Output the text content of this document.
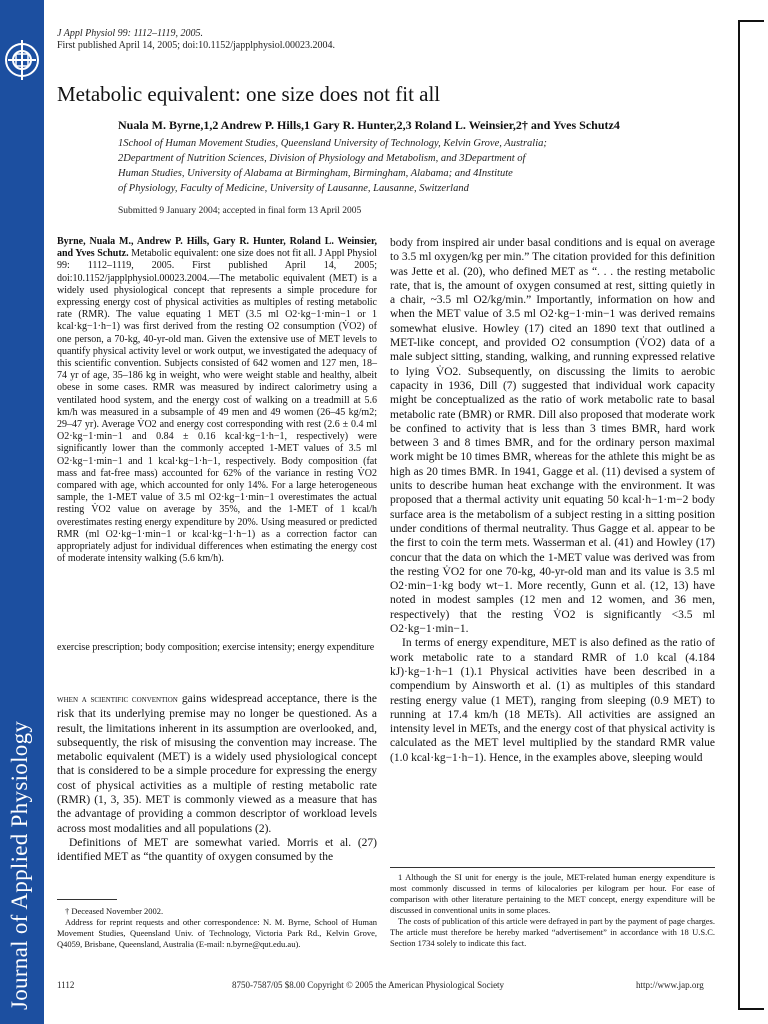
Journal of Applied Physiology
J Appl Physiol 99: 1112–1119, 2005.
First published April 14, 2005; doi:10.1152/japplphysiol.00023.2004.
Metabolic equivalent: one size does not fit all
Nuala M. Byrne,1,2 Andrew P. Hills,1 Gary R. Hunter,2,3 Roland L. Weinsier,2† and Yves Schutz4
1School of Human Movement Studies, Queensland University of Technology, Kelvin Grove, Australia;
2Department of Nutrition Sciences, Division of Physiology and Metabolism, and 3Department of
Human Studies, University of Alabama at Birmingham, Birmingham, Alabama; and 4Institute
of Physiology, Faculty of Medicine, University of Lausanne, Lausanne, Switzerland
Submitted 9 January 2004; accepted in final form 13 April 2005
Byrne, Nuala M., Andrew P. Hills, Gary R. Hunter, Roland L. Weinsier, and Yves Schutz. Metabolic equivalent: one size does not fit all. J Appl Physiol 99: 1112–1119, 2005. First published April 14, 2005; doi:10.1152/japplphysiol.00023.2004.—The metabolic equivalent (MET) is a widely used physiological concept that represents a simple procedure for expressing energy cost of physical activities as multiples of resting metabolic rate (RMR). The value equating 1 MET (3.5 ml O2·kg−1·min−1 or 1 kcal·kg−1·h−1) was first derived from the resting O2 consumption (V̇O2) of one person, a 70-kg, 40-yr-old man. Given the extensive use of MET levels to quantify physical activity level or work output, we investigated the adequacy of this scientific convention. Subjects consisted of 642 women and 127 men, 18–74 yr of age, 35–186 kg in weight, who were weight stable and healthy, albeit obese in some cases. RMR was measured by indirect calorimetry using a ventilated hood system, and the energy cost of walking on a treadmill at 5.6 km/h was measured in a subsample of 49 men and 49 women (26–45 kg/m2; 29–47 yr). Average V̇O2 and energy cost corresponding with rest (2.6 ± 0.4 ml O2·kg−1·min−1 and 0.84 ± 0.16 kcal·kg−1·h−1, respectively) were significantly lower than the commonly accepted 1-MET values of 3.5 ml O2·kg−1·min−1 and 1 kcal·kg−1·h−1, respectively. Body composition (fat mass and fat-free mass) accounted for 62% of the variance in resting V̇O2 compared with age, which accounted for only 14%. For a large heterogeneous sample, the 1-MET value of 3.5 ml O2·kg−1·min−1 overestimates the actual resting V̇O2 value on average by 35%, and the 1-MET of 1 kcal/h overestimates resting energy expenditure by 20%. Using measured or predicted RMR (ml O2·kg−1·min−1 or kcal·kg−1·h−1) as a correction factor can appropriately adjust for individual differences when estimating the energy cost of moderate intensity walking (5.6 km/h).
exercise prescription; body composition; exercise intensity; energy expenditure

when a scientific convention gains widespread acceptance, there is the risk that its underlying premise may no longer be questioned. As a result, the limitations inherent in its assumption are overlooked, and, subsequently, the risk of misusing the convention may increase. The metabolic equivalent (MET) is a widely used physiological concept that is considered to be a simple procedure for expressing the energy cost of physical activities as a multiple of resting metabolic rate (RMR) (1, 3, 35). MET is commonly viewed as a measure that has the advantage of providing a common descriptor of workload levels across most modalities and all populations (2).

Definitions of MET are somewhat varied. Morris et al. (27) identified MET as “the quantity of oxygen consumed by the

body from inspired air under basal conditions and is equal on average to 3.5 ml oxygen/kg per min.” The citation provided for this definition was Jette et al. (20), who defined MET as “. . . the resting metabolic rate, that is, the amount of oxygen consumed at rest, sitting quietly in a chair, ~3.5 ml O2/kg/min.” Importantly, information on how and when the MET value of 3.5 ml O2·kg−1·min−1 was derived remains somewhat elusive. Howley (17) cited an 1890 text that outlined a MET-like concept, and provided O2 consumption (V̇O2) data of a male subject sitting, standing, walking, and running expressed relative to lying V̇O2. Subsequently, on discussing the limits to aerobic capacity in 1936, Dill (7) suggested that individual work capacity might be conceptualized as the ratio of work metabolic rate to basal metabolic rate (BMR) or RMR. Dill also proposed that moderate work be confined to activity that is less than 3 times BMR, hard work between 3 and 8 times BMR, and for the ordinary person maximal work might be 10 times BMR, whereas for the athlete this might be as high as 20 times BMR. In 1941, Gagge et al. (11) devised a system of units to describe human heat exchange with the environment. It was proposed that a thermal activity unit equating 50 kcal·h−1·m−2 body surface area is the metabolism of a subject resting in a sitting position under conditions of thermal neutrality. Thus Gagge et al. appear to be the first to coin the term mets. Wasserman et al. (41) and Howley (17) concur that the data on which the 1-MET value was derived was from the resting V̇O2 for one 70-kg, 40-yr-old man and its value is 3.5 ml O2·min−1·kg body wt−1. More recently, Gunn et al. (12, 13) have noted in modest samples (12 men and 12 women, and 36 men, respectively) that the resting V̇O2 is significantly <3.5 ml O2·kg−1·min−1.

In terms of energy expenditure, MET is also defined as the ratio of work metabolic rate to a standard RMR of 1.0 kcal (4.184 kJ)·kg−1·h−1 (1).1 Physical activities have been described in a compendium by Ainsworth et al. (1) as multiples of this standard resting energy value (1 MET), ranging from sleeping (0.9 MET) to running at 17.4 km/h (18 METs). All activities are assigned an intensity level in METs, and the energy cost of that physical activity is calculated as the MET level multiplied by the standard RMR value (1.0 kcal·kg−1·h−1). Hence, in the examples above, sleeping would

† Deceased November 2002.

Address for reprint requests and other correspondence: N. M. Byrne, School of Human Movement Studies, Queensland Univ. of Technology, Victoria Park Rd., Kelvin Grove, Q4059, Brisbane, Queensland, Australia (E-mail: n.byrne@qut.edu.au).

1 Although the SI unit for energy is the joule, MET-related human energy expenditure is most commonly discussed in terms of kilocalories per kilogram per hour. For ease of comparison with other literature pertaining to the MET concept, energy expenditure will be discussed in conventional units in some places.

The costs of publication of this article were defrayed in part by the payment of page charges. The article must therefore be hereby marked “advertisement” in accordance with 18 U.S.C. Section 1734 solely to indicate this fact.

1112	8750-7587/05 $8.00 Copyright © 2005 the American Physiological Society	http://www.jap.org
